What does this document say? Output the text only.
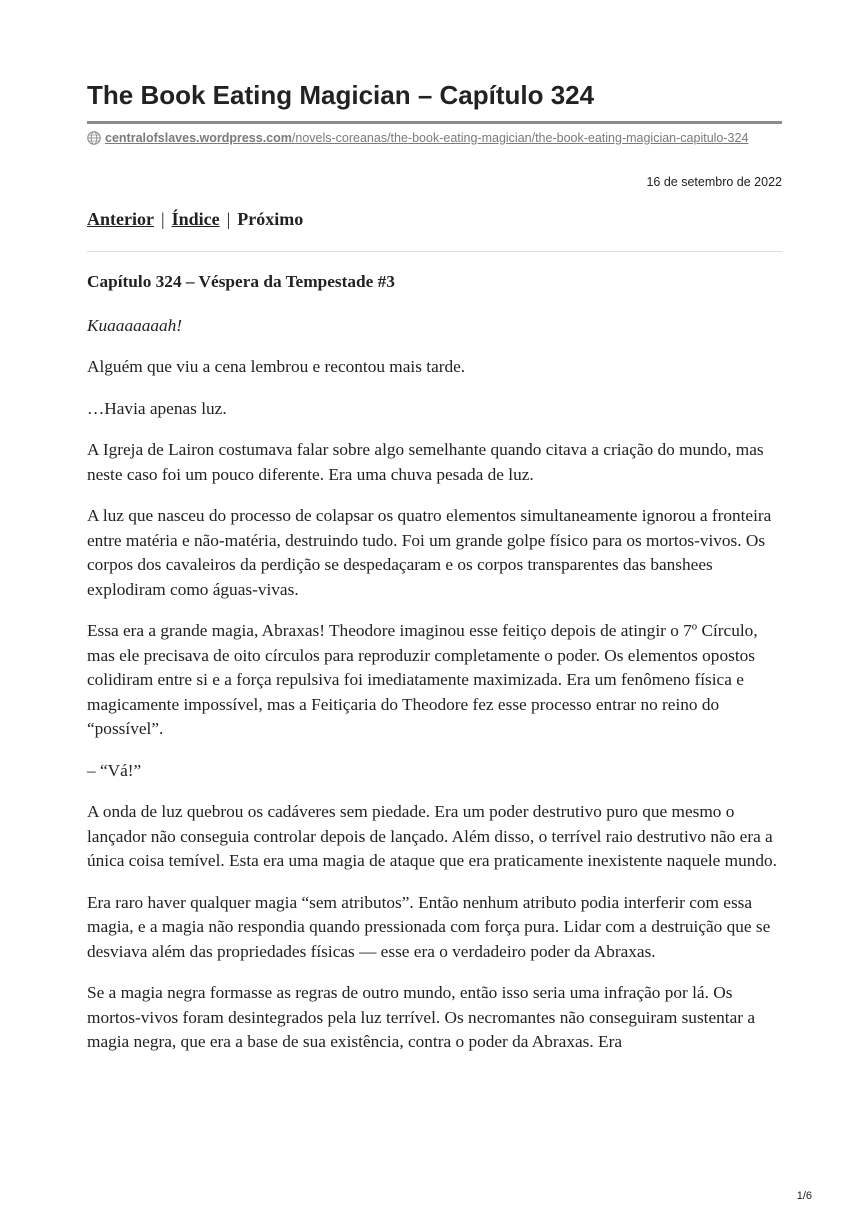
The Book Eating Magician – Capítulo 324
centralofslaves.wordpress.com/novels-coreanas/the-book-eating-magician/the-book-eating-magician-capitulo-324
16 de setembro de 2022
Anterior | Índice | Próximo
Capítulo 324 – Véspera da Tempestade #3

Kuaaaaaaah!

Alguém que viu a cena lembrou e recontou mais tarde.

…Havia apenas luz.

A Igreja de Lairon costumava falar sobre algo semelhante quando citava a criação do mundo, mas neste caso foi um pouco diferente. Era uma chuva pesada de luz.

A luz que nasceu do processo de colapsar os quatro elementos simultaneamente ignorou a fronteira entre matéria e não-matéria, destruindo tudo. Foi um grande golpe físico para os mortos-vivos. Os corpos dos cavaleiros da perdição se despedaçaram e os corpos transparentes das banshees explodiram como águas-vivas.

Essa era a grande magia, Abraxas! Theodore imaginou esse feitiço depois de atingir o 7º Círculo, mas ele precisava de oito círculos para reproduzir completamente o poder. Os elementos opostos colidiram entre si e a força repulsiva foi imediatamente maximizada. Era um fenômeno física e magicamente impossível, mas a Feitiçaria do Theodore fez esse processo entrar no reino do “possível”.

– “Vá!”

A onda de luz quebrou os cadáveres sem piedade. Era um poder destrutivo puro que mesmo o lançador não conseguia controlar depois de lançado. Além disso, o terrível raio destrutivo não era a única coisa temível. Esta era uma magia de ataque que era praticamente inexistente naquele mundo.

Era raro haver qualquer magia “sem atributos”. Então nenhum atributo podia interferir com essa magia, e a magia não respondia quando pressionada com força pura. Lidar com a destruição que se desviava além das propriedades físicas — esse era o verdadeiro poder da Abraxas.

Se a magia negra formasse as regras de outro mundo, então isso seria uma infração por lá. Os mortos-vivos foram desintegrados pela luz terrível. Os necromantes não conseguiram sustentar a magia negra, que era a base de sua existência, contra o poder da Abraxas. Era

1/6
